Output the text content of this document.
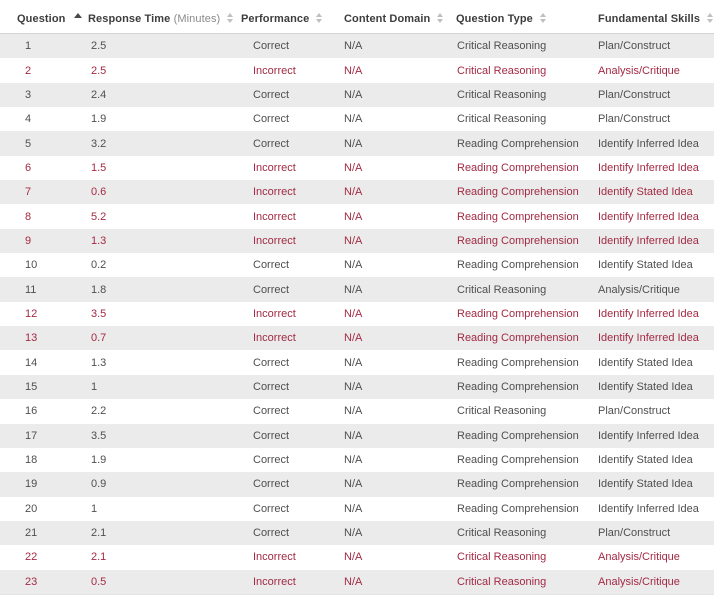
Question	Response Time (Minutes)	Performance	Content Domain	Question Type	Fundamental Skills

1	2.5	Correct	N/A	Critical Reasoning	Plan/Construct
2	2.5	Incorrect	N/A	Critical Reasoning	Analysis/Critique
3	2.4	Correct	N/A	Critical Reasoning	Plan/Construct
4	1.9	Correct	N/A	Critical Reasoning	Plan/Construct
5	3.2	Correct	N/A	Reading Comprehension	Identify Inferred Idea
6	1.5	Incorrect	N/A	Reading Comprehension	Identify Inferred Idea
7	0.6	Incorrect	N/A	Reading Comprehension	Identify Stated Idea
8	5.2	Incorrect	N/A	Reading Comprehension	Identify Inferred Idea
9	1.3	Incorrect	N/A	Reading Comprehension	Identify Inferred Idea
10	0.2	Correct	N/A	Reading Comprehension	Identify Stated Idea
11	1.8	Correct	N/A	Critical Reasoning	Analysis/Critique
12	3.5	Incorrect	N/A	Reading Comprehension	Identify Inferred Idea
13	0.7	Incorrect	N/A	Reading Comprehension	Identify Inferred Idea
14	1.3	Correct	N/A	Reading Comprehension	Identify Stated Idea
15	1	Correct	N/A	Reading Comprehension	Identify Stated Idea
16	2.2	Correct	N/A	Critical Reasoning	Plan/Construct
17	3.5	Correct	N/A	Reading Comprehension	Identify Inferred Idea
18	1.9	Correct	N/A	Reading Comprehension	Identify Stated Idea
19	0.9	Correct	N/A	Reading Comprehension	Identify Stated Idea
20	1	Correct	N/A	Reading Comprehension	Identify Inferred Idea
21	2.1	Correct	N/A	Critical Reasoning	Plan/Construct
22	2.1	Incorrect	N/A	Critical Reasoning	Analysis/Critique
23	0.5	Incorrect	N/A	Critical Reasoning	Analysis/Critique
